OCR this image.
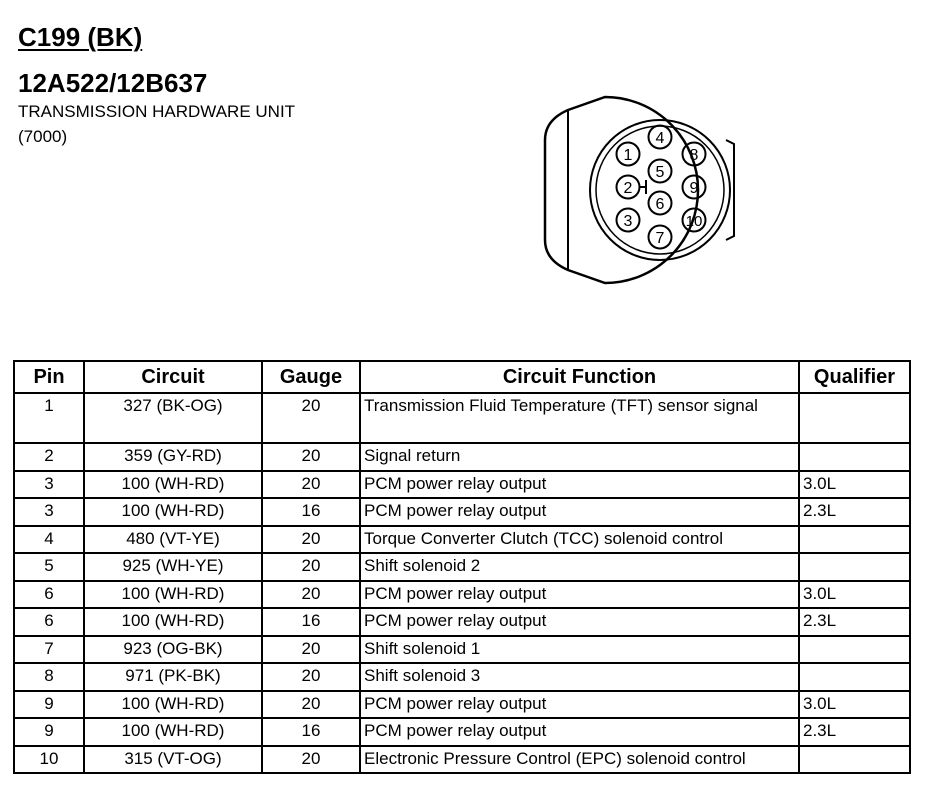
C199 (BK)
12A522/12B637
TRANSMISSION HARDWARE UNIT
(7000)
1
2
3
4
5
6
7
8
9
10
Pin	Circuit	Gauge	Circuit Function	Qualifier
1	327 (BK-OG)	20	Transmission Fluid Temperature (TFT) sensor signal	
2	359 (GY-RD)	20	Signal return	
3	100 (WH-RD)	20	PCM power relay output	3.0L
3	100 (WH-RD)	16	PCM power relay output	2.3L
4	480 (VT-YE)	20	Torque Converter Clutch (TCC) solenoid control	
5	925 (WH-YE)	20	Shift solenoid 2	
6	100 (WH-RD)	20	PCM power relay output	3.0L
6	100 (WH-RD)	16	PCM power relay output	2.3L
7	923 (OG-BK)	20	Shift solenoid 1	
8	971 (PK-BK)	20	Shift solenoid 3	
9	100 (WH-RD)	20	PCM power relay output	3.0L
9	100 (WH-RD)	16	PCM power relay output	2.3L
10	315 (VT-OG)	20	Electronic Pressure Control (EPC) solenoid control	
